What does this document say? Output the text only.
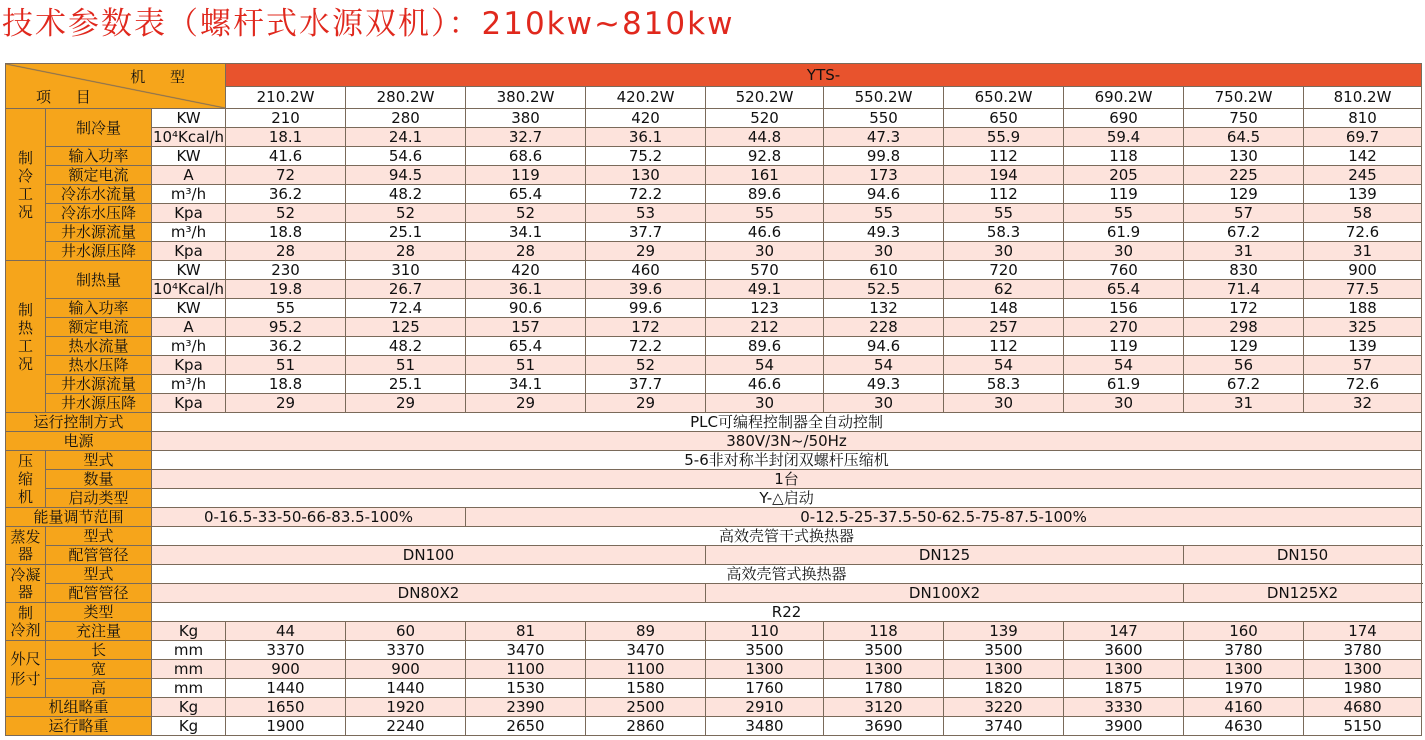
技术参数表（螺杆式水源双机）：210kw~810kw
机 型
项 目			YTS-									
			210.2W	280.2W	380.2W	420.2W	520.2W	550.2W	650.2W	690.2W	750.2W	810.2W
制
冷
工
况	制冷量	KW	210	280	380	420	520	550	650	690	750	810
		10⁴Kcal/h	18.1	24.1	32.7	36.1	44.8	47.3	55.9	59.4	64.5	69.7
	输入功率	KW	41.6	54.6	68.6	75.2	92.8	99.8	112	118	130	142
	额定电流	A	72	94.5	119	130	161	173	194	205	225	245
	冷冻水流量	m³/h	36.2	48.2	65.4	72.2	89.6	94.6	112	119	129	139
	冷冻水压降	Kpa	52	52	52	53	55	55	55	55	57	58
	井水源流量	m³/h	18.8	25.1	34.1	37.7	46.6	49.3	58.3	61.9	67.2	72.6
	井水源压降	Kpa	28	28	28	29	30	30	30	30	31	31
制
热
工
况	制热量	KW	230	310	420	460	570	610	720	760	830	900
		10⁴Kcal/h	19.8	26.7	36.1	39.6	49.1	52.5	62	65.4	71.4	77.5
	输入功率	KW	55	72.4	90.6	99.6	123	132	148	156	172	188
	额定电流	A	95.2	125	157	172	212	228	257	270	298	325
	热水流量	m³/h	36.2	48.2	65.4	72.2	89.6	94.6	112	119	129	139
	热水压降	Kpa	51	51	51	52	54	54	54	54	56	57
	井水源流量	m³/h	18.8	25.1	34.1	37.7	46.6	49.3	58.3	61.9	67.2	72.6
	井水源压降	Kpa	29	29	29	29	30	30	30	30	31	32
运行控制方式		PLC可编程控制器全自动控制										
电源		380V/3N~/50Hz										
压
缩
机	型式	5-6非对称半封闭双螺杆压缩机										
	数量	1台										
	启动类型	Y-△启动										
能量调节范围		0-16.5-33-50-66-83.5-100%			0-12.5-25-37.5-50-62.5-75-87.5-100%							
蒸发
器	型式	高效壳管干式换热器										
	配管管径	DN100					DN125				DN150	
冷凝
器	型式	高效壳管式换热器										
	配管管径	DN80X2					DN100X2				DN125X2	
制
冷剂	类型	R22										
	充注量	Kg	44	60	81	89	110	118	139	147	160	174
外尺
形寸	长	mm	3370	3370	3470	3470	3500	3500	3500	3600	3780	3780
	宽	mm	900	900	1100	1100	1300	1300	1300	1300	1300	1300
	高	mm	1440	1440	1530	1580	1760	1780	1820	1875	1970	1980
机组略重		Kg	1650	1920	2390	2500	2910	3120	3220	3330	4160	4680
运行略重		Kg	1900	2240	2650	2860	3480	3690	3740	3900	4630	5150
